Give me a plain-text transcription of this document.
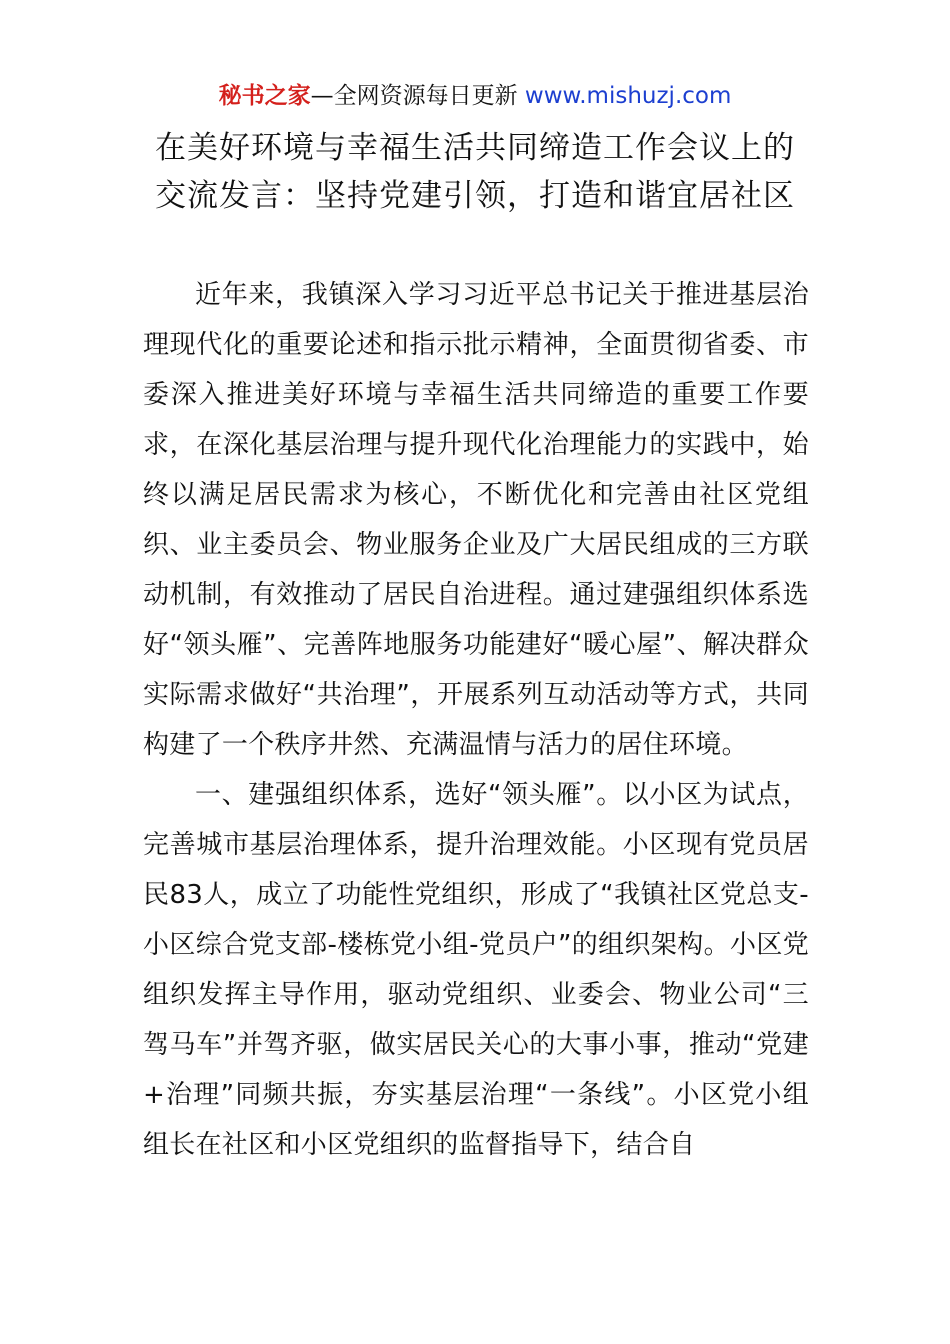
秘书之家—全网资源每日更新 www.mishuzj.com
在美好环境与幸福生活共同缔造工作会议上的
交流发言：坚持党建引领，打造和谐宜居社区

近年来，我镇深入学习习近平总书记关于推进基层治理现代化的重要论述和指示批示精神，全面贯彻省委、市委深入推进美好环境与幸福生活共同缔造的重要工作要求，在深化基层治理与提升现代化治理能力的实践中，始终以满足居民需求为核心，不断优化和完善由社区党组织、业主委员会、物业服务企业及广大居民组成的三方联动机制，有效推动了居民自治进程。通过建强组织体系选好“领头雁”、完善阵地服务功能建好“暖心屋”、解决群众实际需求做好“共治理”，开展系列互动活动等方式，共同构建了一个秩序井然、充满温情与活力的居住环境。

一、建强组织体系，选好“领头雁”。以小区为试点，完善城市基层治理体系，提升治理效能。小区现有党员居民83人，成立了功能性党组织，形成了“我镇社区党总支-小区综合党支部-楼栋党小组-党员户”的组织架构。小区党组织发挥主导作用，驱动党组织、业委会、物业公司“三驾马车”并驾齐驱，做实居民关心的大事小事，推动“党建+治理”同频共振，夯实基层治理“一条线”。小区党小组组长在社区和小区党组织的监督指导下，结合自
